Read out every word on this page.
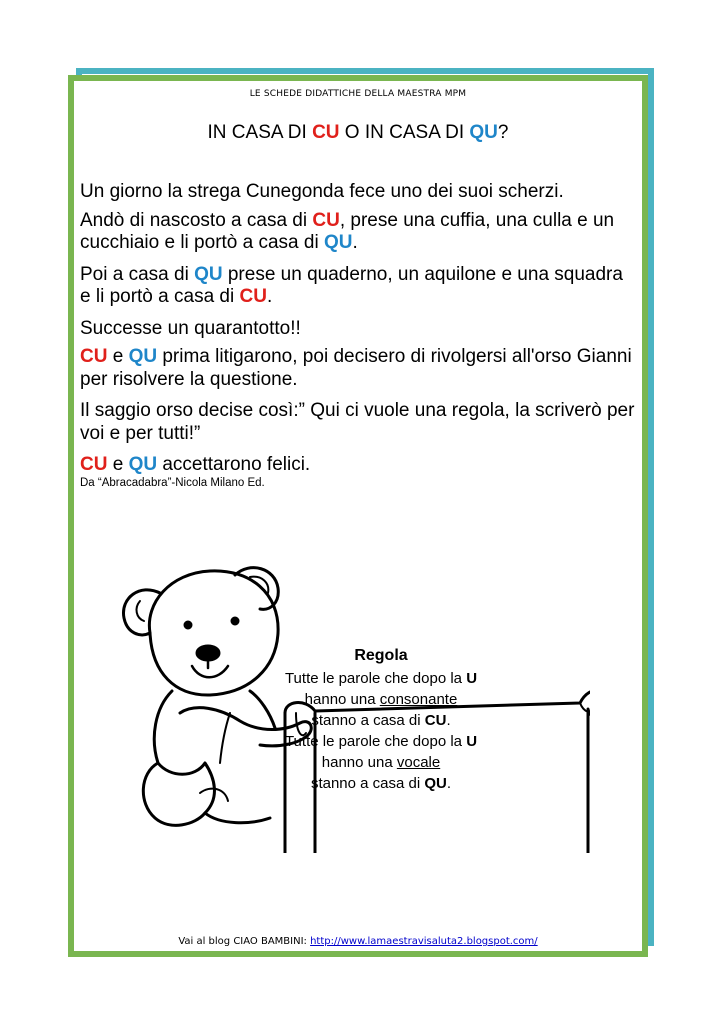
LE SCHEDE DIDATTICHE DELLA MAESTRA MPM
IN CASA DI CU O IN CASA DI QU?

Un giorno la strega Cunegonda fece uno dei suoi scherzi.

Andò di nascosto a casa di CU, prese una cuffia, una culla e un cucchiaio e li portò a casa di QU.

Poi a casa di QU prese un quaderno, un aquilone e una squadra e li portò a casa di CU.

Successe un quarantotto!!

CU e QU prima litigarono, poi decisero di rivolgersi all'orso Gianni per risolvere la questione.

Il saggio orso decise così:” Qui ci vuole una regola, la scriverò per voi e per tutti!”

CU e QU accettarono felici.

Da “Abracadabra”-Nicola Milano Ed.
Regola
Tutte le parole che dopo la U
hanno una consonante
stanno a casa di CU.
Tutte le parole che dopo la U
hanno una vocale
stanno a casa di QU.
Vai al blog CIAO BAMBINI: http://www.lamaestravisaluta2.blogspot.com/
